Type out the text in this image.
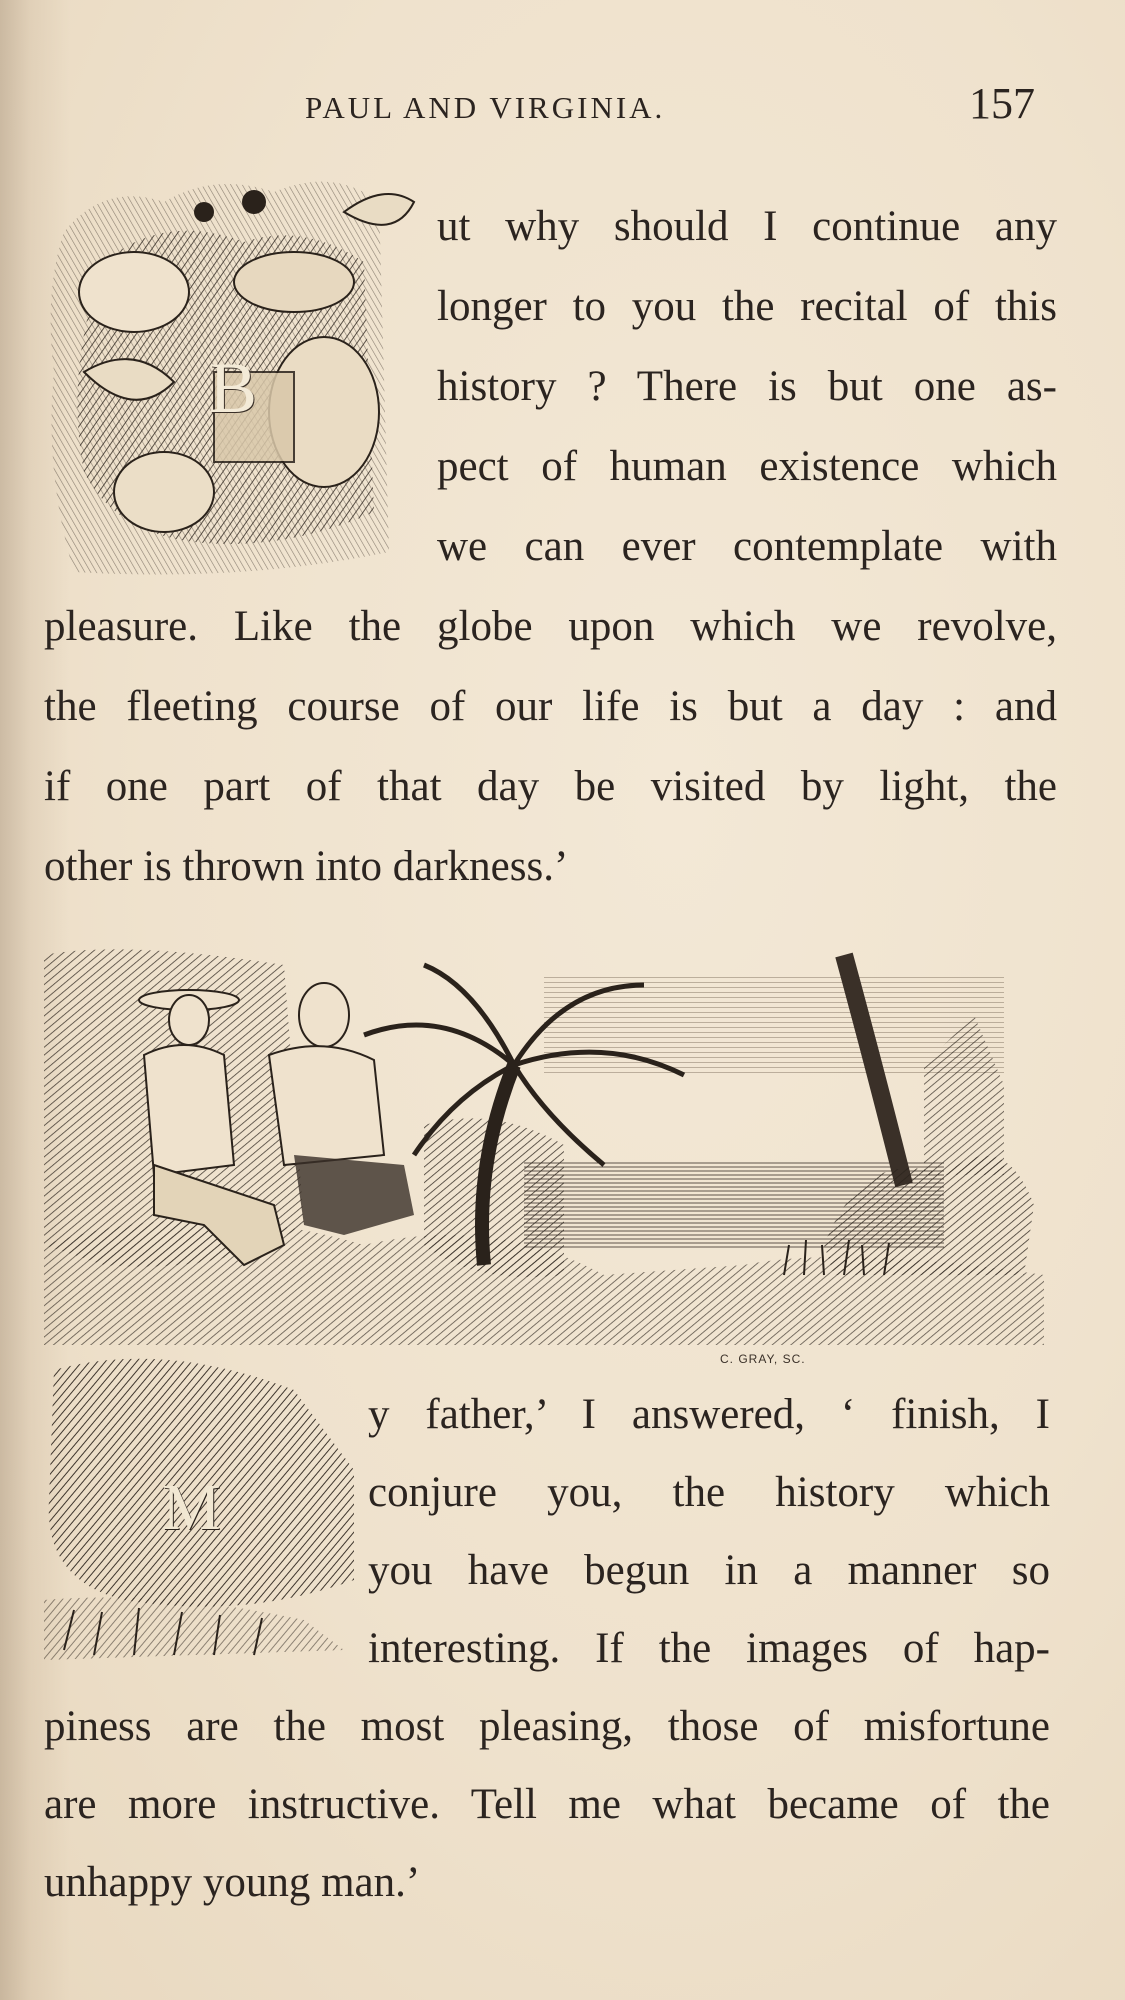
PAUL AND VIRGINIA.	157
B
ut why should I continue any
longer to you the recital of this
history ? There is but one as-
pect of human existence which
we can ever contemplate with
pleasure. Like the globe upon which we revolve,
the fleeting course of our life is but a day : and
if one part of that day be visited by light, the
other is thrown into darkness.’
C. GRAY, SC.
M
y father,’ I answered, ‘ finish, I
conjure you, the history which
you have begun in a manner so
interesting. If the images of hap-
piness are the most pleasing, those of misfortune
are more instructive. Tell me what became of the
unhappy young man.’
